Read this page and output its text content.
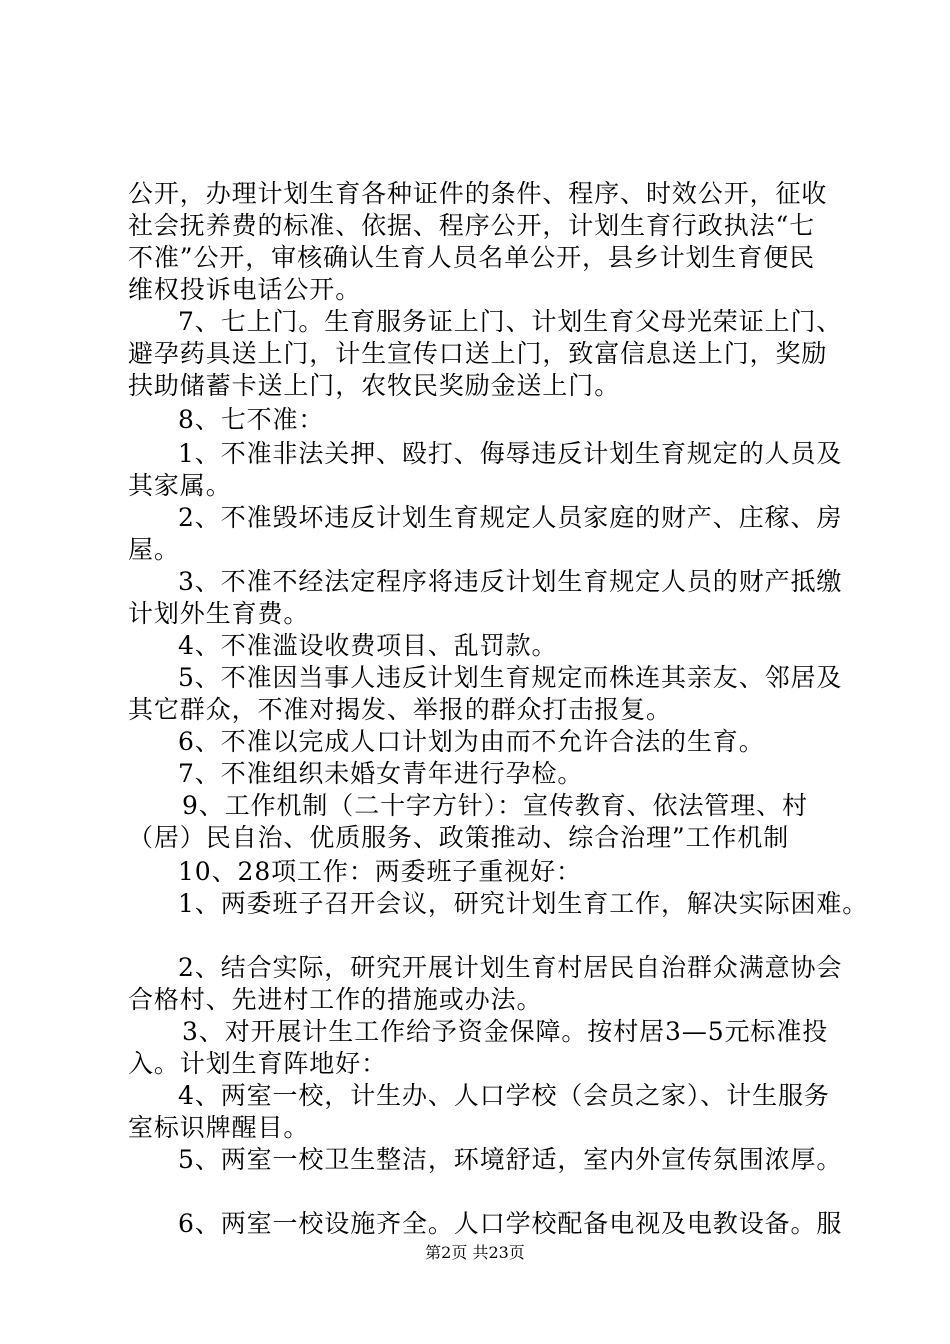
公开，办理计划生育各种证件的条件、程序、时效公开，征收
社会抚养费的标准、依据、程序公开，计划生育行政执法“七
不准”公开，审核确认生育人员名单公开，县乡计划生育便民
维权投诉电话公开。
7、七上门。生育服务证上门、计划生育父母光荣证上门、
避孕药具送上门，计生宣传口送上门，致富信息送上门，奖励
扶助储蓄卡送上门，农牧民奖励金送上门。
8、七不准：
1、不准非法关押、殴打、侮辱违反计划生育规定的人员及
其家属。
2、不准毁坏违反计划生育规定人员家庭的财产、庄稼、房
屋。
3、不准不经法定程序将违反计划生育规定人员的财产抵缴
计划外生育费。
4、不准滥设收费项目、乱罚款。
5、不准因当事人违反计划生育规定而株连其亲友、邻居及
其它群众，不准对揭发、举报的群众打击报复。
6、不准以完成人口计划为由而不允许合法的生育。
7、不准组织未婚女青年进行孕检。
9、工作机制（二十字方针）：宣传教育、依法管理、村
（居）民自治、优质服务、政策推动、综合治理”工作机制
10、28项工作：两委班子重视好：
1、两委班子召开会议，研究计划生育工作，解决实际困难。
2、结合实际，研究开展计划生育村居民自治群众满意协会
合格村、先进村工作的措施或办法。
3、对开展计生工作给予资金保障。按村居3—5元标准投
入。计划生育阵地好：
4、两室一校，计生办、人口学校（会员之家）、计生服务
室标识牌醒目。
5、两室一校卫生整洁，环境舒适，室内外宣传氛围浓厚。
6、两室一校设施齐全。人口学校配备电视及电教设备。服
第2页 共23页
